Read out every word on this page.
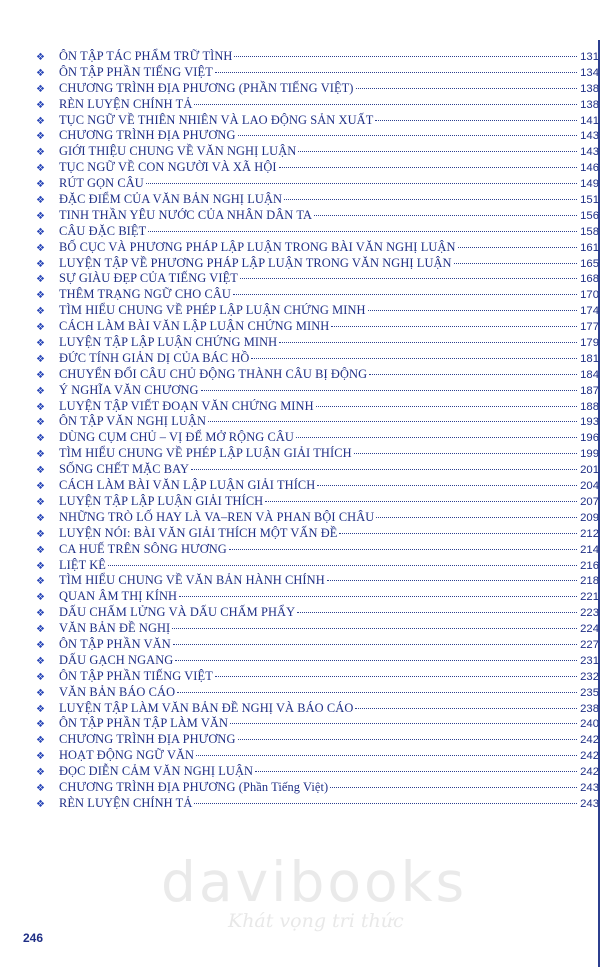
❖	ÔN TẬP TÁC PHẨM TRỮ TÌNH	131
❖	ÔN TẬP PHẦN TIẾNG VIỆT	134
❖	CHƯƠNG TRÌNH ĐỊA PHƯƠNG (PHẦN TIẾNG VIỆT)	138
❖	RÈN LUYỆN CHÍNH TẢ	138
❖	TỤC NGỮ VỀ THIÊN NHIÊN VÀ LAO ĐỘNG SẢN XUẤT	141
❖	CHƯƠNG TRÌNH ĐỊA PHƯƠNG	143
❖	GIỚI THIỆU CHUNG VỀ VĂN NGHỊ LUẬN	143
❖	TỤC NGỮ VỀ CON NGƯỜI VÀ XÃ HỘI	146
❖	RÚT GỌN CÂU	149
❖	ĐẶC ĐIỂM CỦA VĂN BẢN NGHỊ LUẬN	151
❖	TINH THẦN YÊU NƯỚC CỦA NHÂN DÂN TA	156
❖	CÂU ĐẶC BIỆT	158
❖	BỐ CỤC VÀ PHƯƠNG PHÁP LẬP LUẬN TRONG BÀI VĂN NGHỊ LUẬN	161
❖	LUYỆN TẬP VỀ PHƯƠNG PHÁP LẬP LUẬN TRONG VĂN NGHỊ LUẬN	165
❖	SỰ GIÀU ĐẸP CỦA TIẾNG VIỆT	168
❖	THÊM TRẠNG NGỮ CHO CÂU	170
❖	TÌM HIỂU CHUNG VỀ PHÉP LẬP LUẬN CHỨNG MINH	174
❖	CÁCH LÀM BÀI VĂN LẬP LUẬN CHỨNG MINH	177
❖	LUYỆN TẬP LẬP LUẬN CHỨNG MINH	179
❖	ĐỨC TÍNH GIẢN DỊ CỦA BÁC HỒ	181
❖	CHUYỂN ĐỔI CÂU CHỦ ĐỘNG THÀNH CÂU BỊ ĐỘNG	184
❖	Ý NGHĨA VĂN CHƯƠNG	187
❖	LUYỆN TẬP VIẾT ĐOẠN VĂN CHỨNG MINH	188
❖	ÔN TẬP VĂN NGHỊ LUẬN	193
❖	DÙNG CỤM CHỦ – VỊ ĐỂ MỞ RỘNG CÂU	196
❖	TÌM HIỂU CHUNG VỀ PHÉP LẬP LUẬN GIẢI THÍCH	199
❖	SỐNG CHẾT MẶC BAY	201
❖	CÁCH LÀM BÀI VĂN LẬP LUẬN GIẢI THÍCH	204
❖	LUYỆN TẬP LẬP LUẬN GIẢI THÍCH	207
❖	NHỮNG TRÒ LỐ HAY LÀ VA–REN VÀ PHAN BỘI CHÂU	209
❖	LUYỆN NÓI: BÀI VĂN GIẢI THÍCH MỘT VẤN ĐỀ	212
❖	CA HUẾ TRÊN SÔNG HƯƠNG	214
❖	LIỆT KÊ	216
❖	TÌM HIỂU CHUNG VỀ VĂN BẢN HÀNH CHÍNH	218
❖	QUAN ÂM THỊ KÍNH	221
❖	DẤU CHẤM LỬNG VÀ DẤU CHẤM PHẨY	223
❖	VĂN BẢN ĐỀ NGHỊ	224
❖	ÔN TẬP PHẦN VĂN	227
❖	DẤU GẠCH NGANG	231
❖	ÔN TẬP PHẦN TIẾNG VIỆT	232
❖	VĂN BẢN BÁO CÁO	235
❖	LUYỆN TẬP LÀM VĂN BẢN ĐỀ NGHỊ VÀ BÁO CÁO	238
❖	ÔN TẬP PHẦN TẬP LÀM VĂN	240
❖	CHƯƠNG TRÌNH ĐỊA PHƯƠNG	242
❖	HOẠT ĐỘNG NGỮ VĂN	242
❖	ĐỌC DIỄN CẢM VĂN NGHỊ LUẬN	242
❖	CHƯƠNG TRÌNH ĐỊA PHƯƠNG (Phần Tiếng Việt)	243
❖	RÈN LUYỆN CHÍNH TẢ	243
davibooks
Khát vọng tri thức
246
